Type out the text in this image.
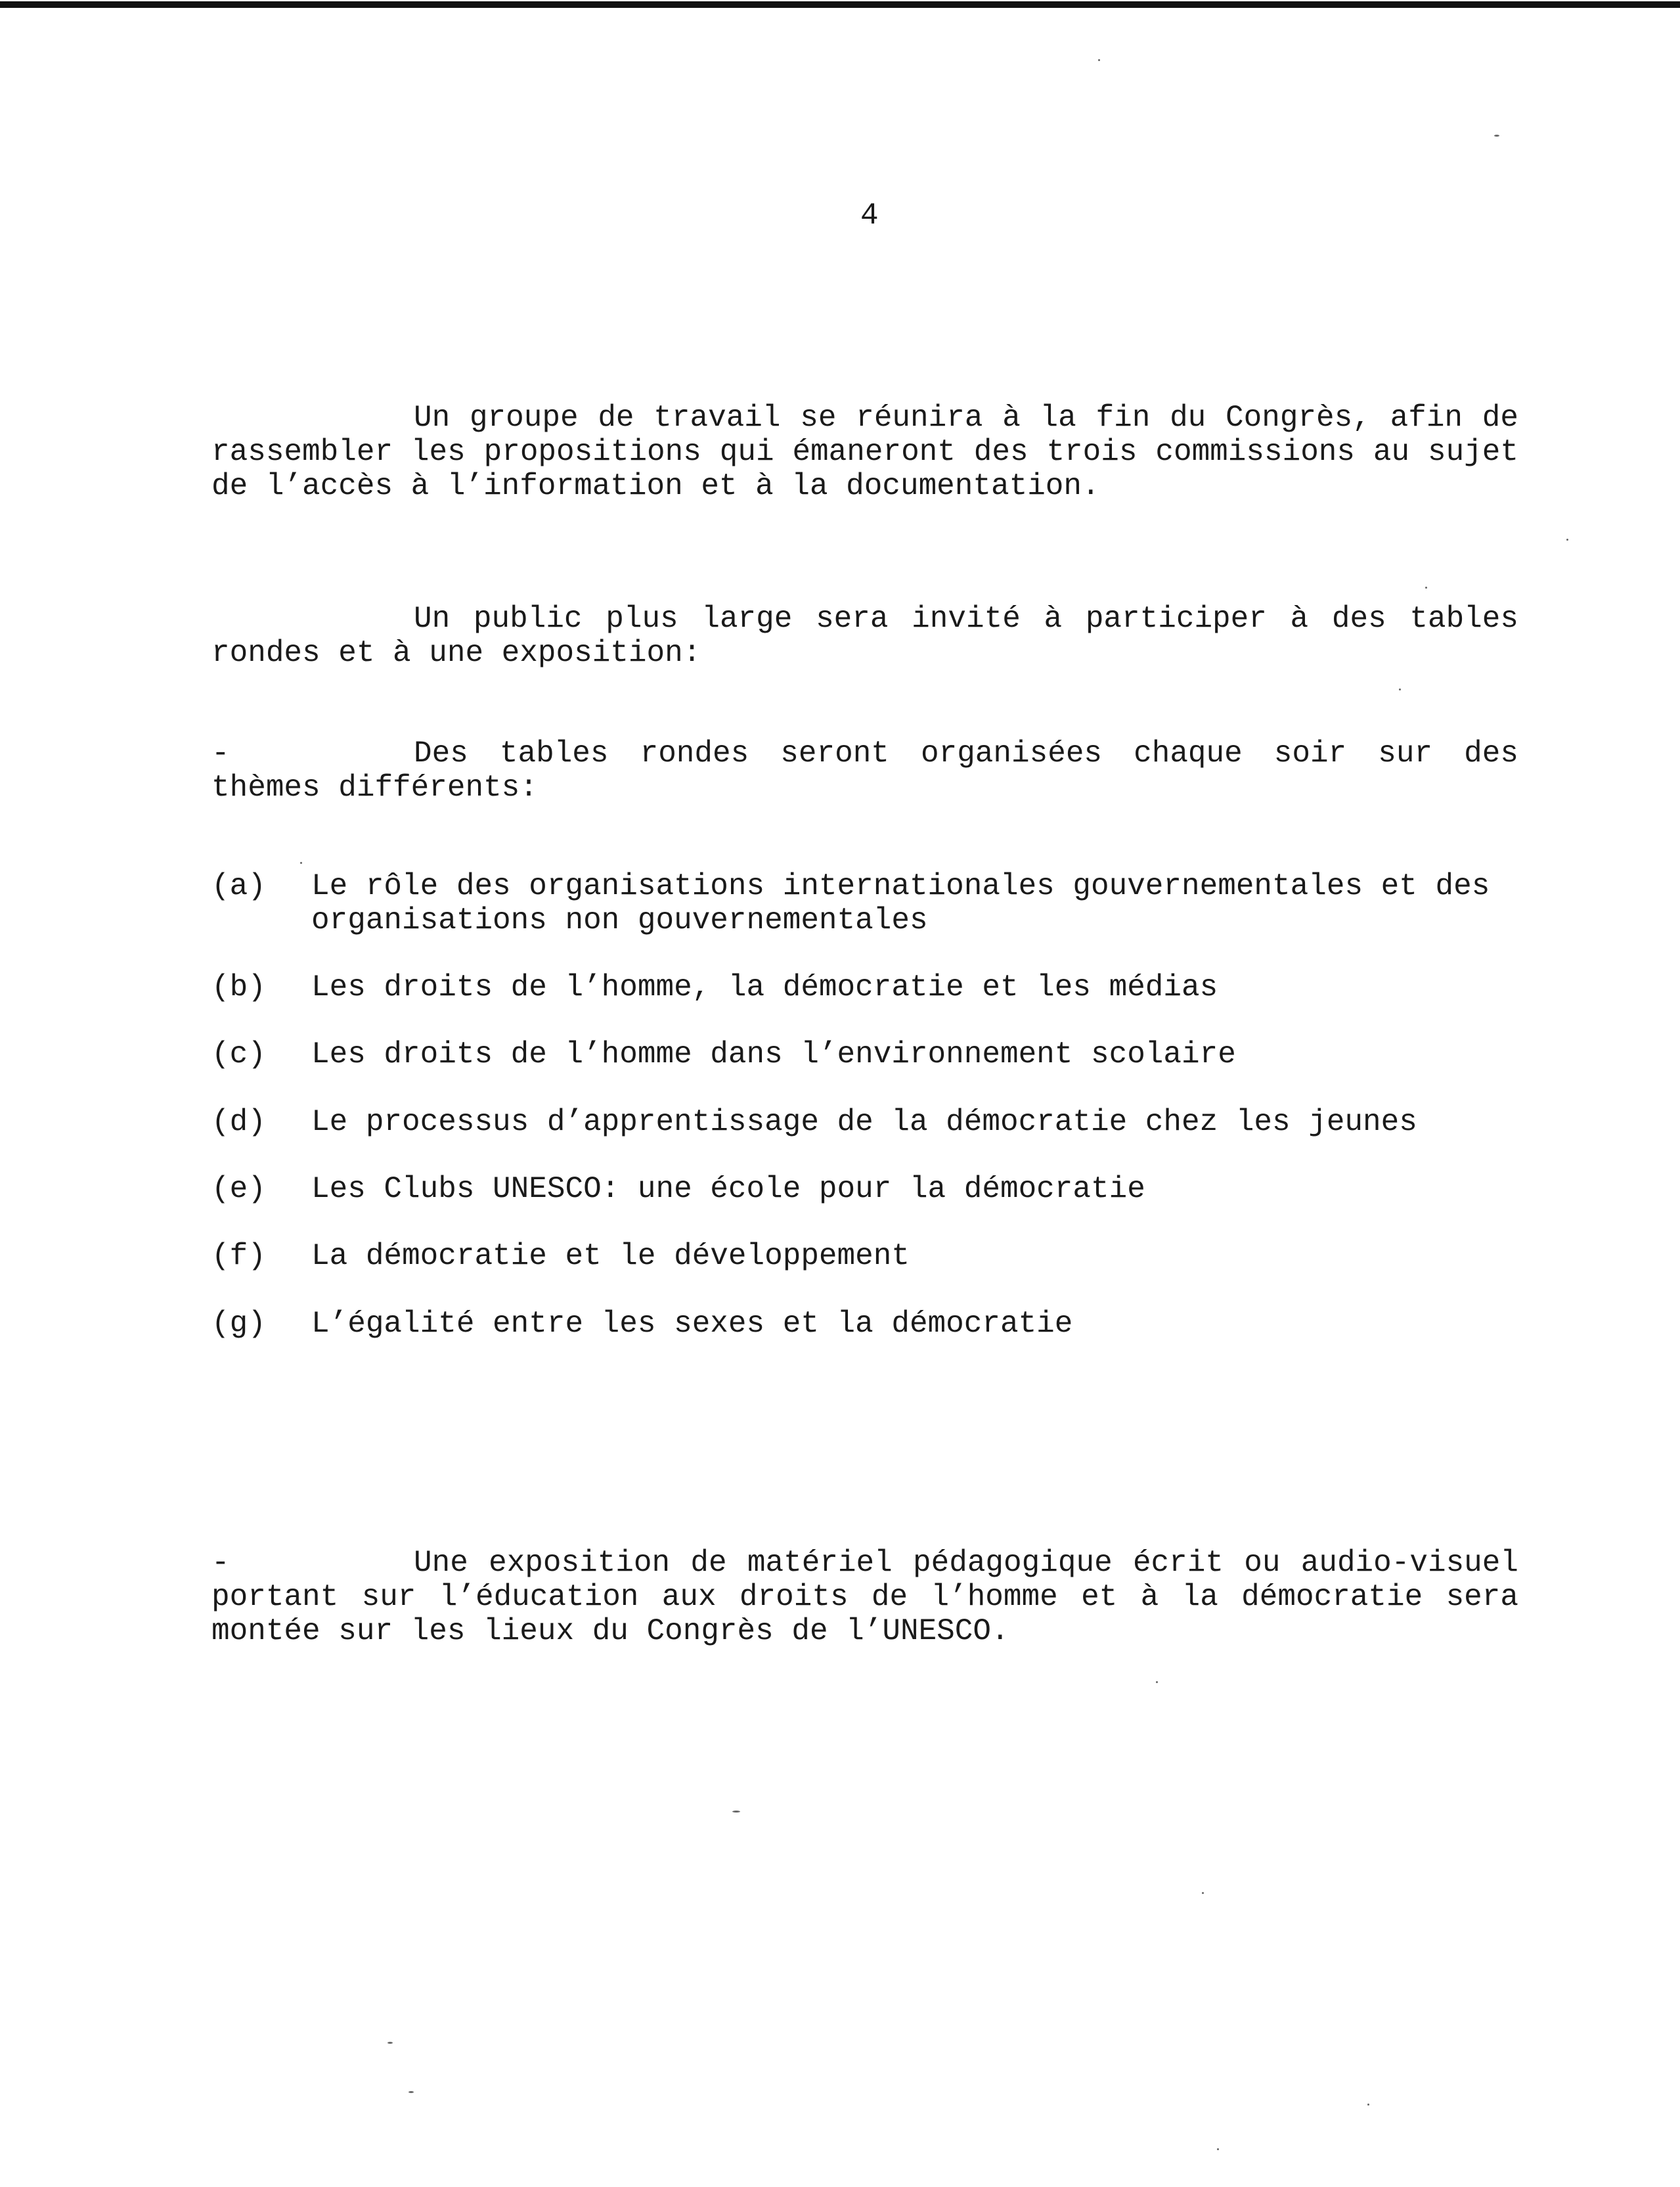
4
Un groupe de travail se réunira à la fin du Congrès, afin de rassembler les propositions qui émaneront des trois commissions au sujet de l’accès à l’information et à la documentation.
Un public plus large sera invité à participer à des tables rondes et à une exposition:
-	Des tables rondes seront organisées chaque soir sur des thèmes différents:
(a)	Le rôle des organisations internationales gouvernementales et des organisations non gouvernementales
(b)	Les droits de l’homme, la démocratie et les médias
(c)	Les droits de l’homme dans l’environnement scolaire
(d)	Le processus d’apprentissage de la démocratie chez les jeunes
(e)	Les Clubs UNESCO: une école pour la démocratie
(f)	La démocratie et le développement
(g)	L’égalité entre les sexes et la démocratie
-	Une exposition de matériel pédagogique écrit ou audio-visuel portant sur l’éducation aux droits de l’homme et à la démocratie sera montée sur les lieux du Congrès de l’UNESCO.
